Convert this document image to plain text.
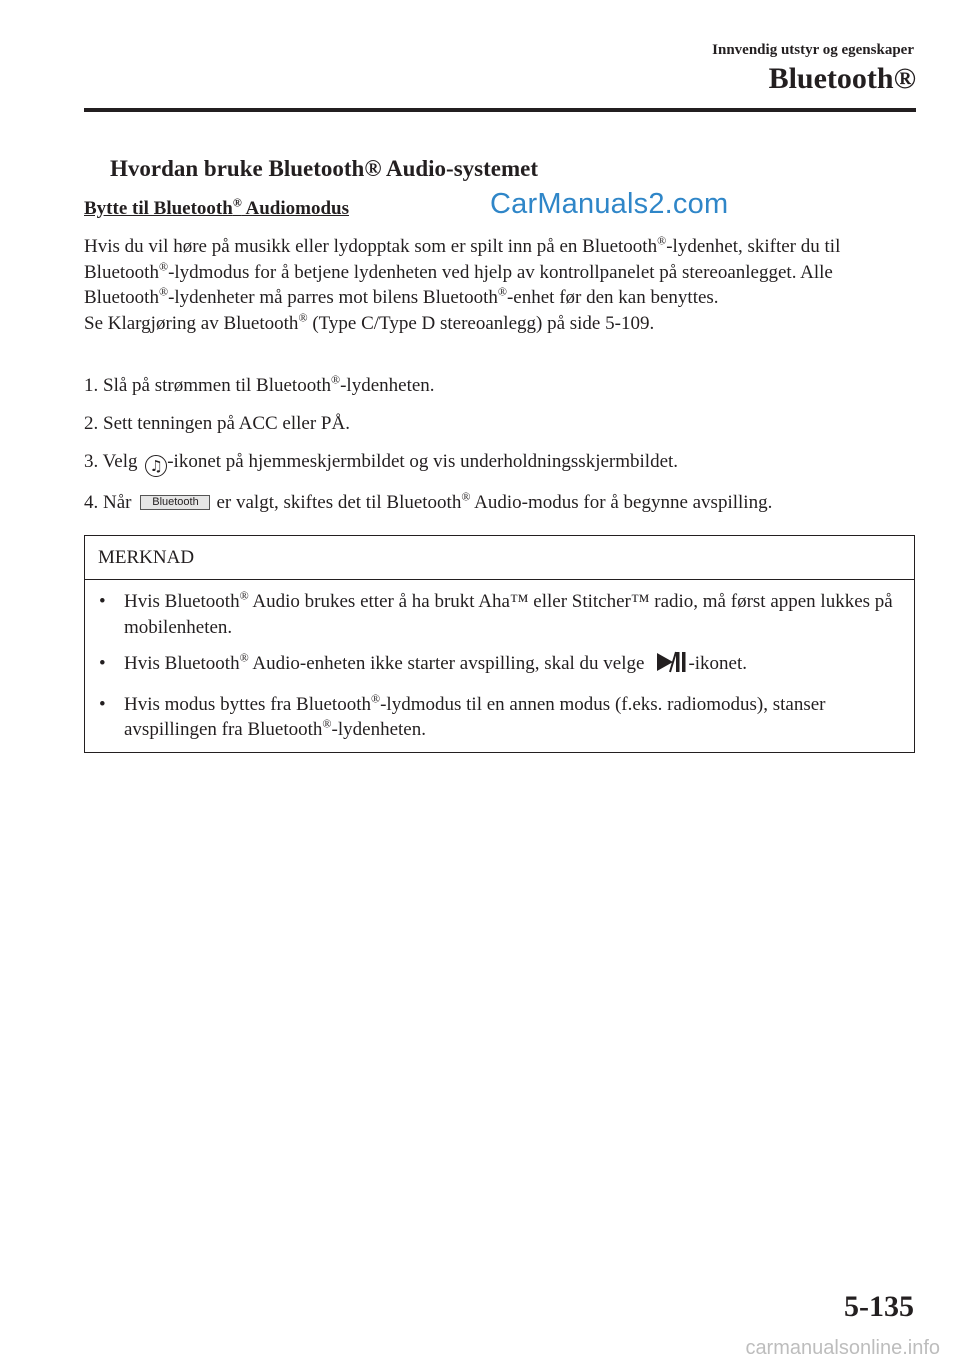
Innvendig utstyr og egenskaper
Bluetooth®
Hvordan bruke Bluetooth® Audio-systemet
Bytte til Bluetooth® Audiomodus	CarManuals2.com
Hvis du vil høre på musikk eller lydopptak som er spilt inn på en Bluetooth®-lydenhet, skifter du til Bluetooth®-lydmodus for å betjene lydenheten ved hjelp av kontrollpanelet på stereoanlegget. Alle Bluetooth®-lydenheter må parres mot bilens Bluetooth®-enhet før den kan benyttes.
Se Klargjøring av Bluetooth® (Type C/Type D stereoanlegg) på side 5-109.
1. Slå på strømmen til Bluetooth®-lydenheten.
2. Sett tenningen på ACC eller PÅ.
3. Velg ♫ -ikonet på hjemmeskjermbildet og vis underholdningsskjermbildet.
4. Når Bluetooth er valgt, skiftes det til Bluetooth® Audio-modus for å begynne avspilling.
MERKNAD
• Hvis Bluetooth® Audio brukes etter å ha brukt Aha™ eller Stitcher™ radio, må først appen lukkes på mobilenheten.
• Hvis Bluetooth® Audio-enheten ikke starter avspilling, skal du velge -ikonet.
• Hvis modus byttes fra Bluetooth®-lydmodus til en annen modus (f.eks. radiomodus), stanser avspillingen fra Bluetooth®-lydenheten.
5-135
carmanualsonline.info
